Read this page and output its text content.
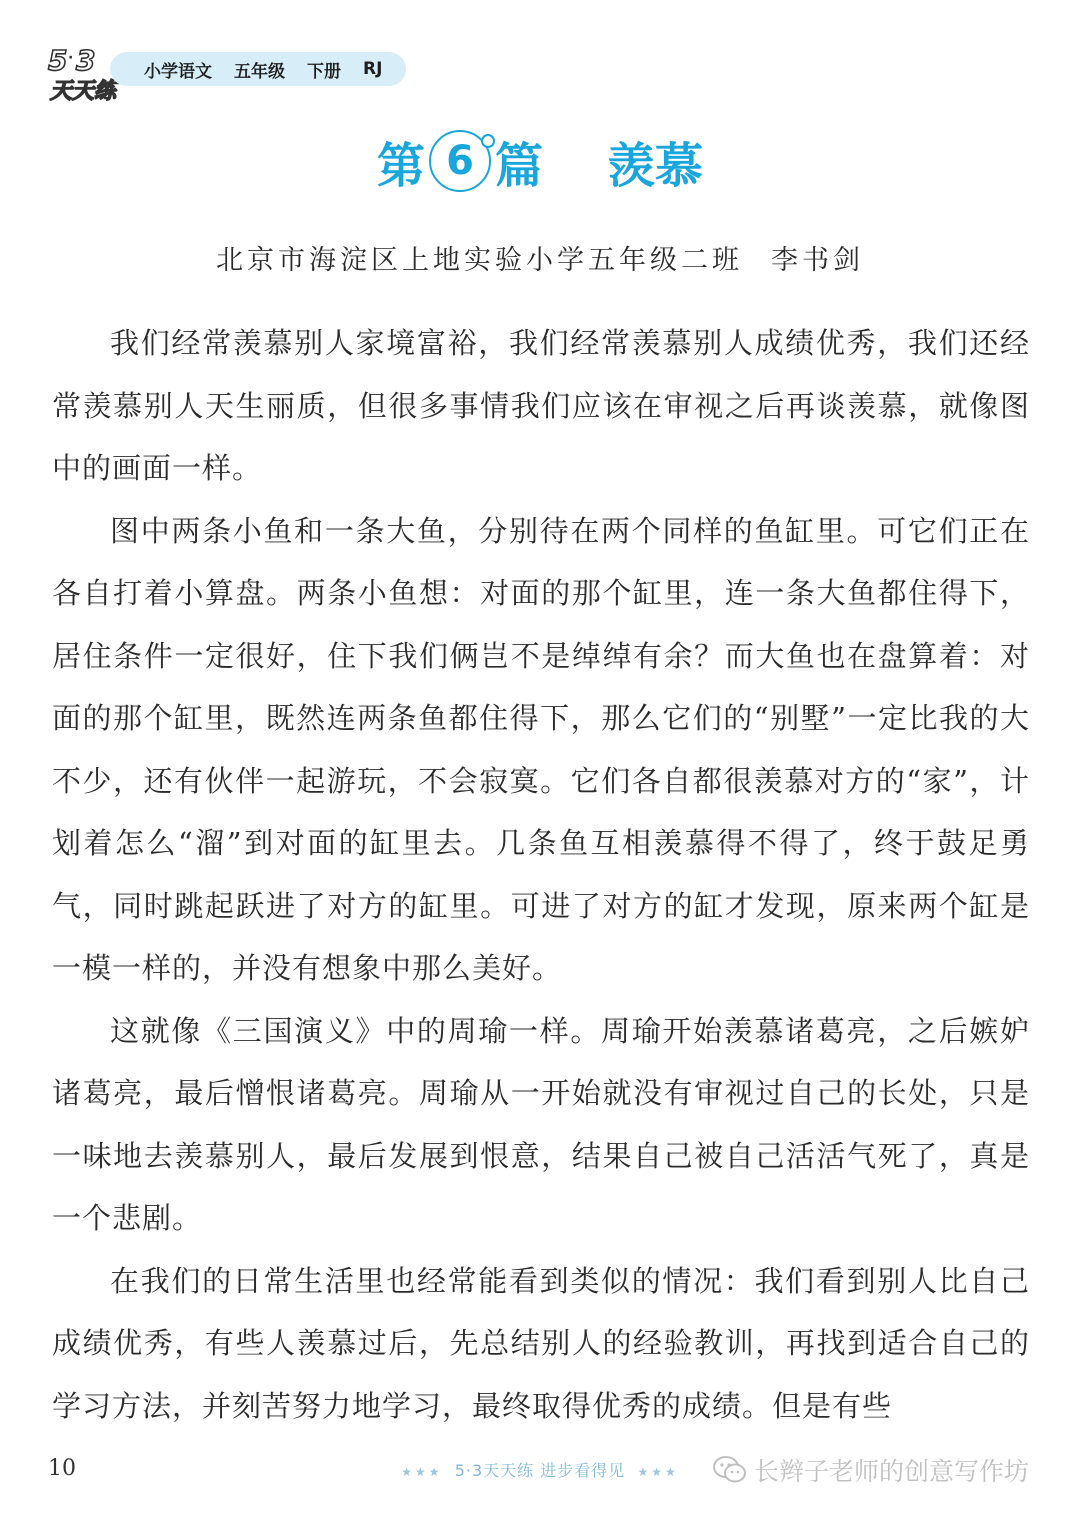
5 · 3
天天练
小学语文 五年级 下册 RJ
第 6 篇 羡慕
北京市海淀区上地实验小学五年级二班 李书剑

我们经常羡慕别人家境富裕，我们经常羡慕别人成绩优秀，我们还经常羡慕别人天生丽质，但很多事情我们应该在审视之后再谈羡慕，就像图中的画面一样。

图中两条小鱼和一条大鱼，分别待在两个同样的鱼缸里。可它们正在各自打着小算盘。两条小鱼想：对面的那个缸里，连一条大鱼都住得下，居住条件一定很好，住下我们俩岂不是绰绰有余？而大鱼也在盘算着：对面的那个缸里，既然连两条鱼都住得下，那么它们的“别墅”一定比我的大不少，还有伙伴一起游玩，不会寂寞。它们各自都很羡慕对方的“家”，计划着怎么“溜”到对面的缸里去。几条鱼互相羡慕得不得了，终于鼓足勇气，同时跳起跃进了对方的缸里。可进了对方的缸才发现，原来两个缸是一模一样的，并没有想象中那么美好。

这就像《三国演义》中的周瑜一样。周瑜开始羡慕诸葛亮，之后嫉妒诸葛亮，最后憎恨诸葛亮。周瑜从一开始就没有审视过自己的长处，只是一味地去羡慕别人，最后发展到恨意，结果自己被自己活活气死了，真是一个悲剧。

在我们的日常生活里也经常能看到类似的情况：我们看到别人比自己成绩优秀，有些人羡慕过后，先总结别人的经验教训，再找到适合自己的学习方法，并刻苦努力地学习，最终取得优秀的成绩。但是有些

10	★★★ 5·3天天练 进步看得见 ★★★	长辫子老师的创意写作坊
